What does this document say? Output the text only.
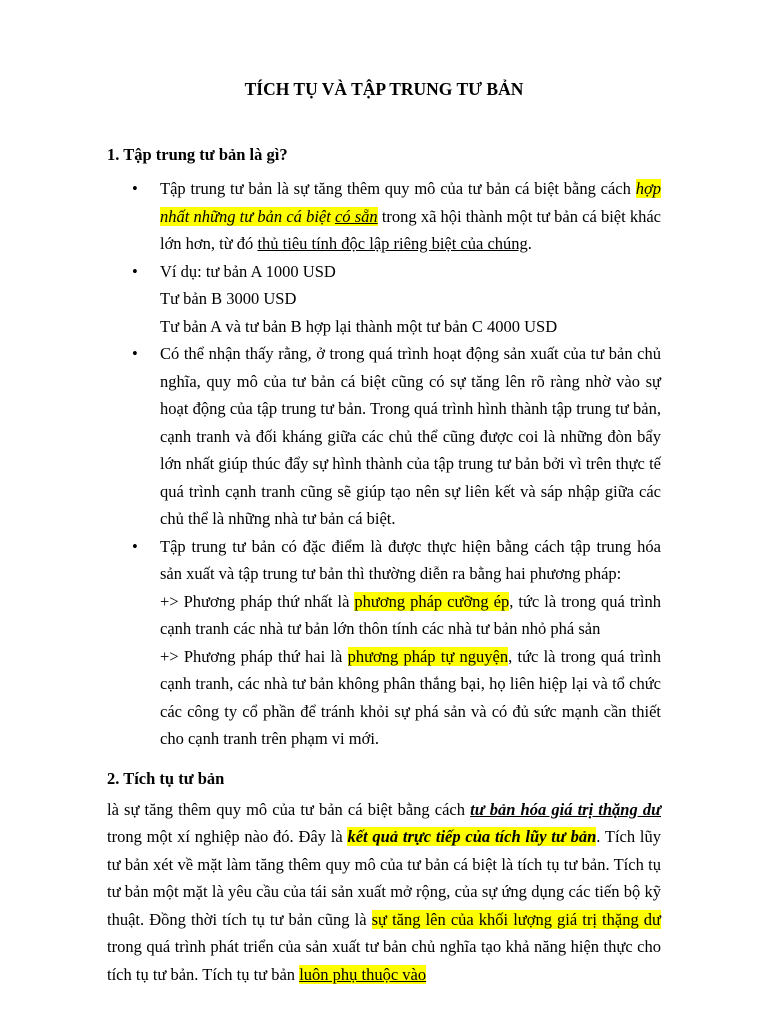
TÍCH TỤ VÀ TẬP TRUNG TƯ BẢN
1. Tập trung tư bản là gì?
• Tập trung tư bản là sự tăng thêm quy mô của tư bản cá biệt bằng cách hợp nhất những tư bản cá biệt có sẵn trong xã hội thành một tư bản cá biệt khác lớn hơn, từ đó thủ tiêu tính độc lập riêng biệt của chúng.
• Ví dụ: tư bản A 1000 USD
Tư bản B 3000 USD
Tư bản A và tư bản B hợp lại thành một tư bản C 4000 USD
• Có thể nhận thấy rằng, ở trong quá trình hoạt động sản xuất của tư bản chủ nghĩa, quy mô của tư bản cá biệt cũng có sự tăng lên rõ ràng nhờ vào sự hoạt động của tập trung tư bản. Trong quá trình hình thành tập trung tư bản, cạnh tranh và đối kháng giữa các chủ thể cũng được coi là những đòn bẩy lớn nhất giúp thúc đẩy sự hình thành của tập trung tư bản bởi vì trên thực tế quá trình cạnh tranh cũng sẽ giúp tạo nên sự liên kết và sáp nhập giữa các chủ thể là những nhà tư bản cá biệt.
• Tập trung tư bản có đặc điểm là được thực hiện bằng cách tập trung hóa sản xuất và tập trung tư bản thì thường diễn ra bằng hai phương pháp:
+> Phương pháp thứ nhất là phương pháp cưỡng ép, tức là trong quá trình cạnh tranh các nhà tư bản lớn thôn tính các nhà tư bản nhỏ phá sản
+> Phương pháp thứ hai là phương pháp tự nguyện, tức là trong quá trình cạnh tranh, các nhà tư bản không phân thắng bại, họ liên hiệp lại và tổ chức các công ty cổ phần để tránh khỏi sự phá sản và có đủ sức mạnh cần thiết cho cạnh tranh trên phạm vi mới.
2. Tích tụ tư bản

là sự tăng thêm quy mô của tư bản cá biệt bằng cách tư bản hóa giá trị thặng dư trong một xí nghiệp nào đó. Đây là kết quả trực tiếp của tích lũy tư bản. Tích lũy tư bản xét về mặt làm tăng thêm quy mô của tư bản cá biệt là tích tụ tư bản. Tích tụ tư bản một mặt là yêu cầu của tái sản xuất mở rộng, của sự ứng dụng các tiến bộ kỹ thuật. Đồng thời tích tụ tư bản cũng là sự tăng lên của khối lượng giá trị thặng dư trong quá trình phát triển của sản xuất tư bản chủ nghĩa tạo khả năng hiện thực cho tích tụ tư bản. Tích tụ tư bản luôn phụ thuộc vào
